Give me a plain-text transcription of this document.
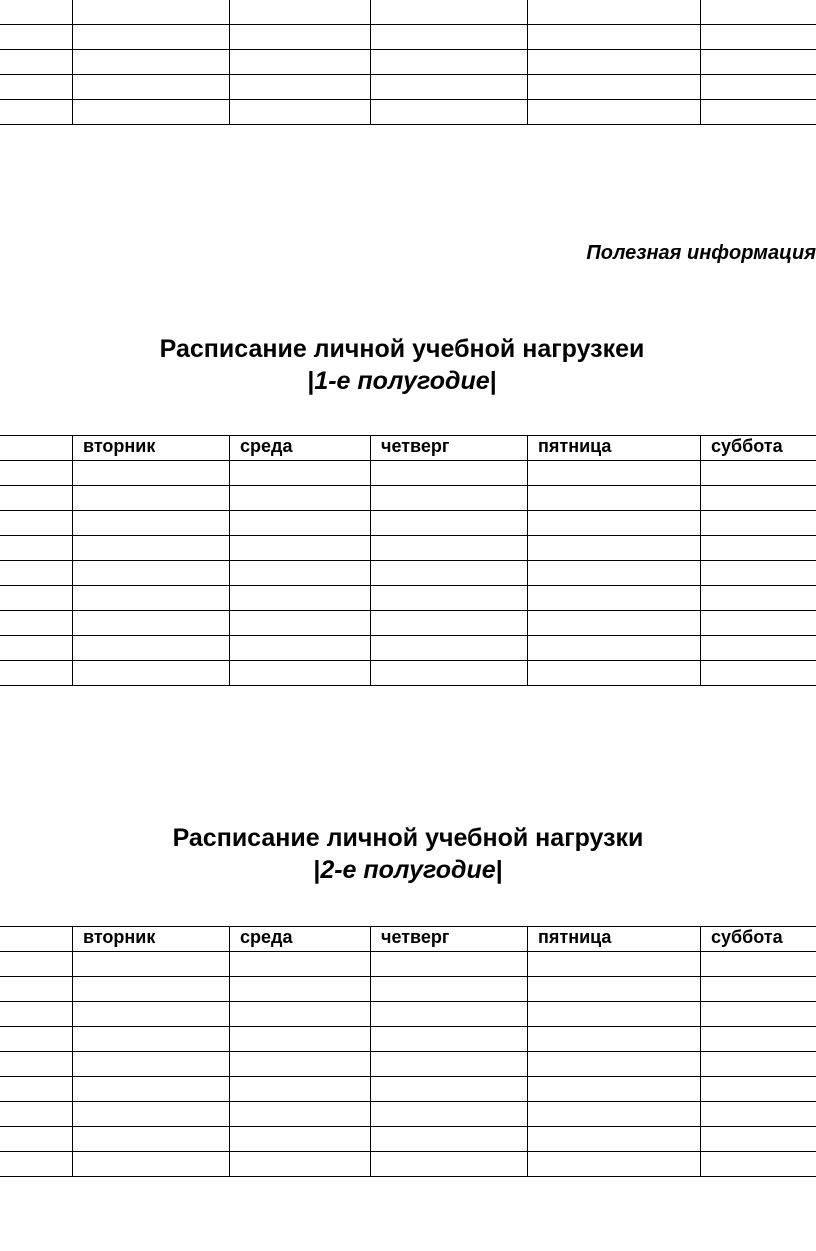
Полезная информация
Расписание личной учебной нагрузкеи
|1-е полугодие|
	вторник	среда	четверг	пятница	суббота

Расписание личной учебной нагрузки
|2-е полугодие|
	вторник	среда	четверг	пятница	суббота
